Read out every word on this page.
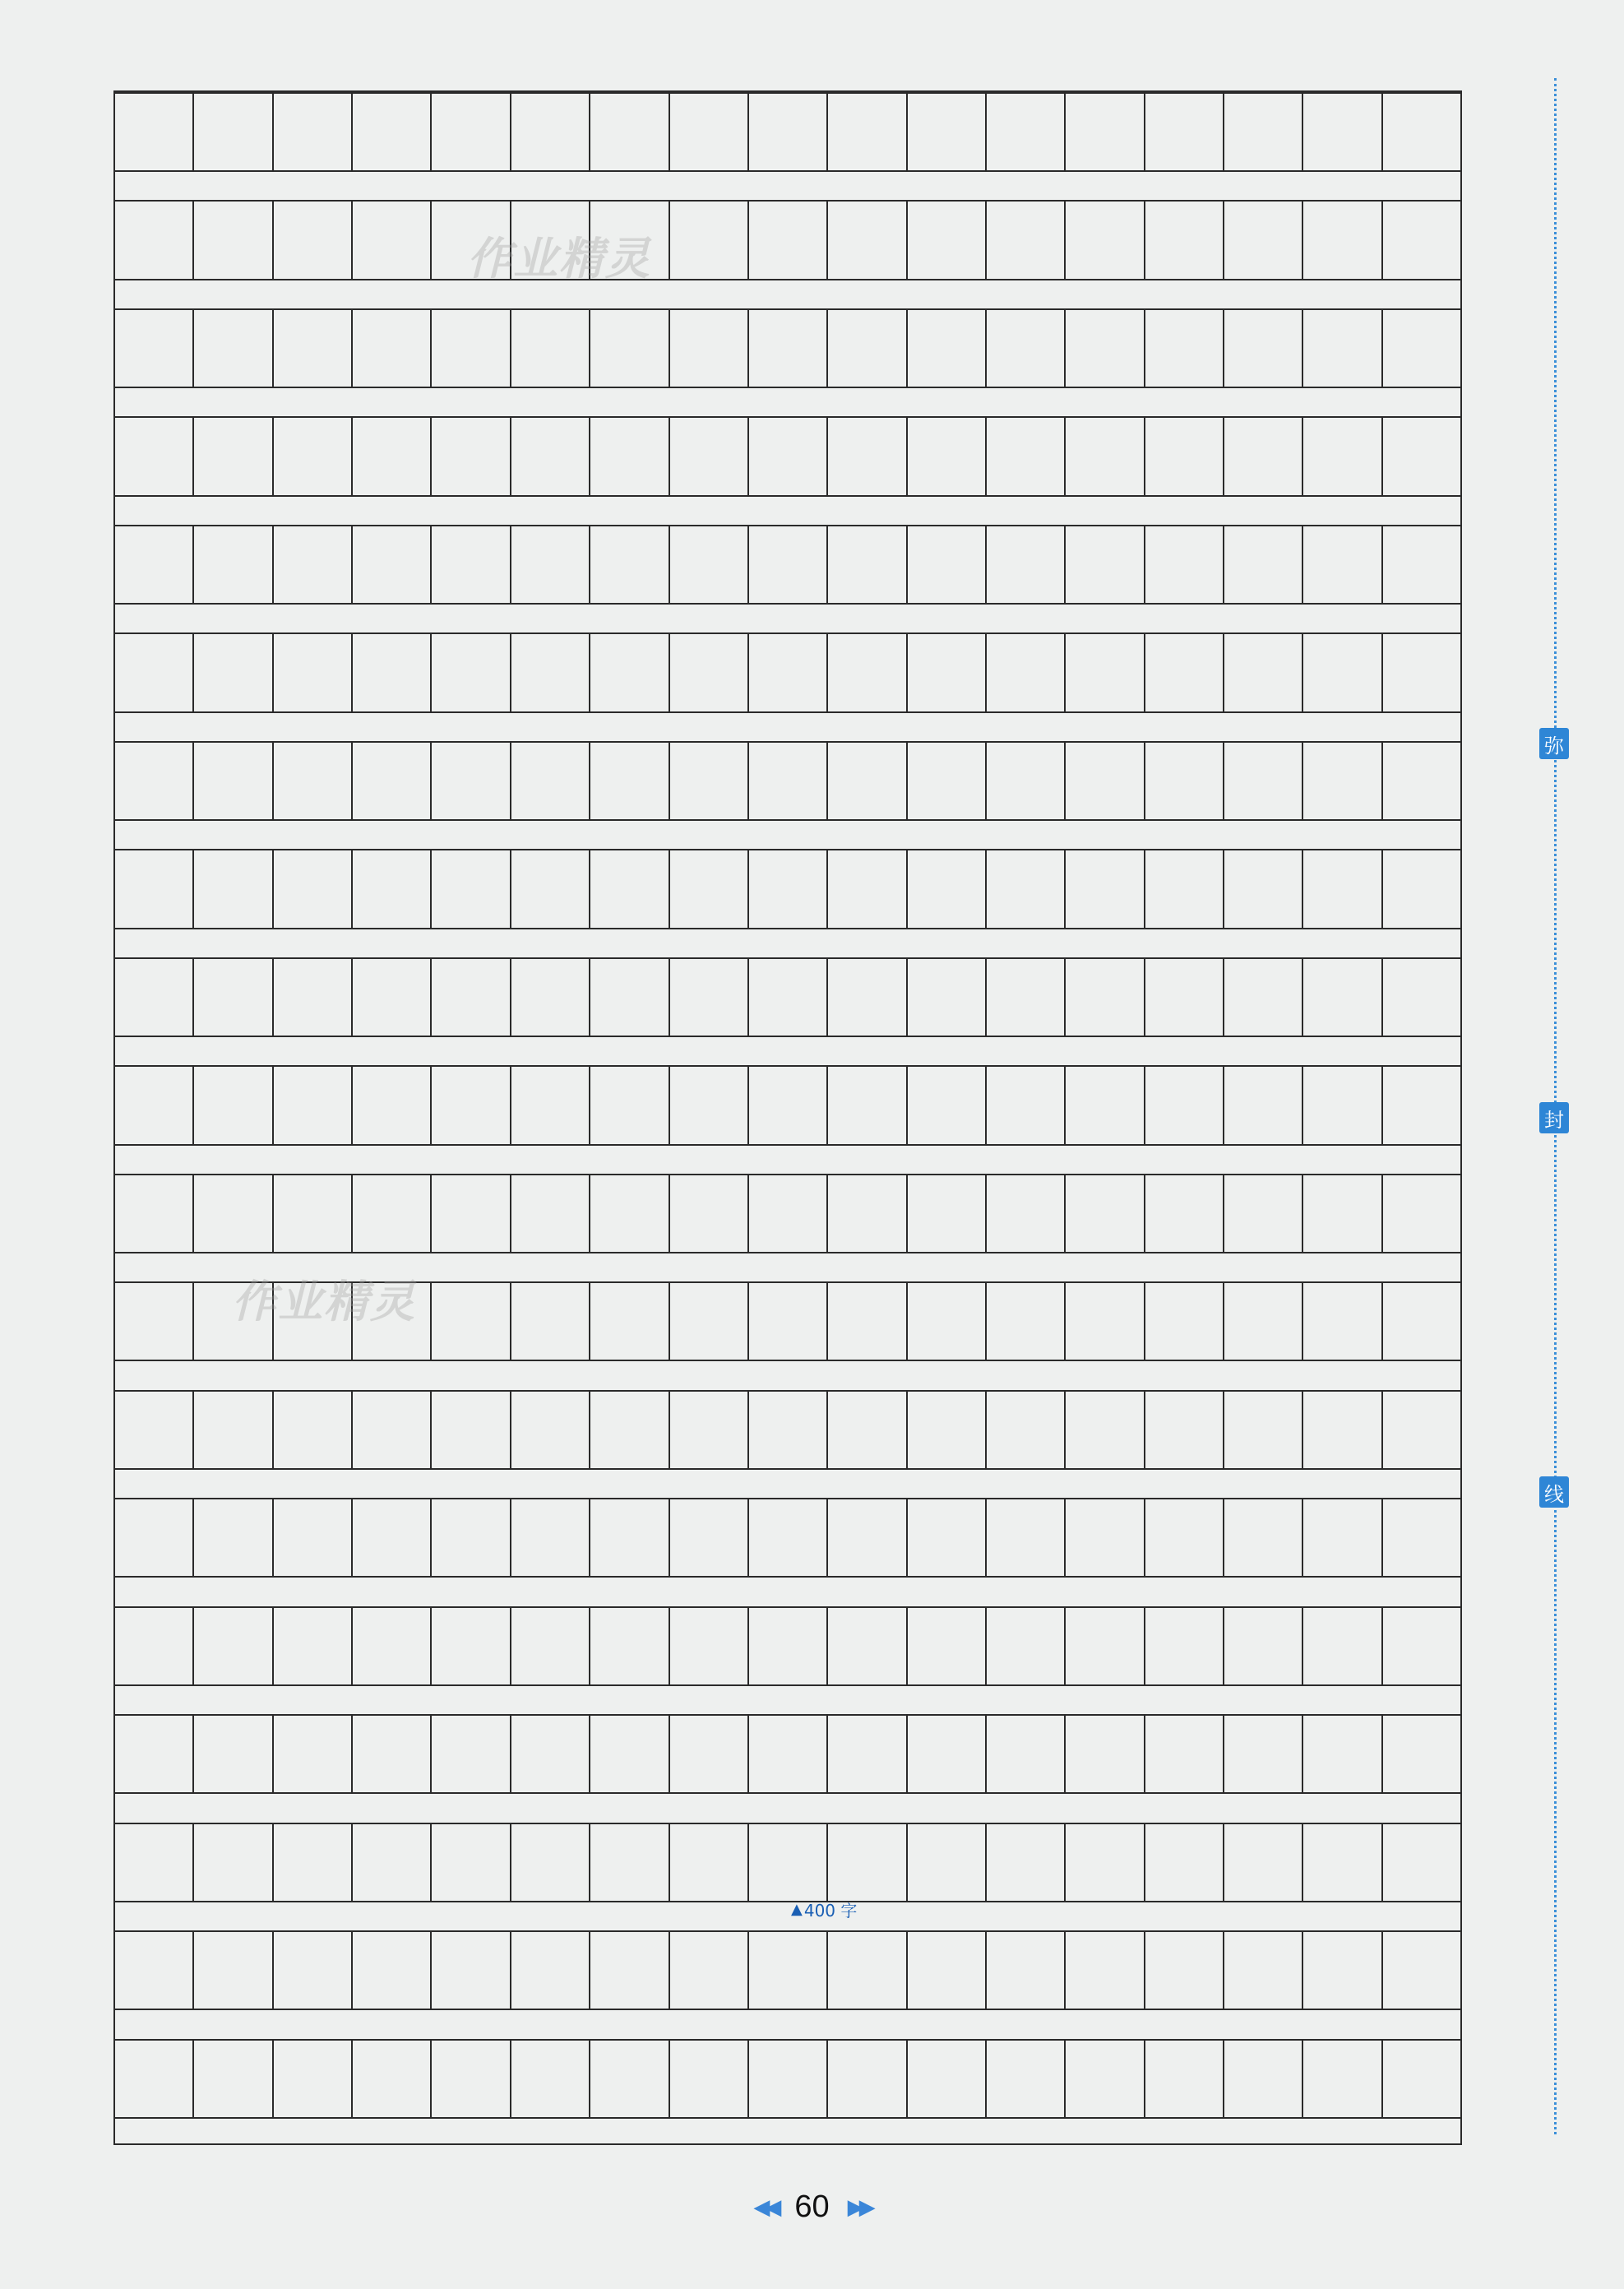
作业精灵
作业精灵
▲ 400 字
弥
封
线
◀◀ 60 ▶▶
